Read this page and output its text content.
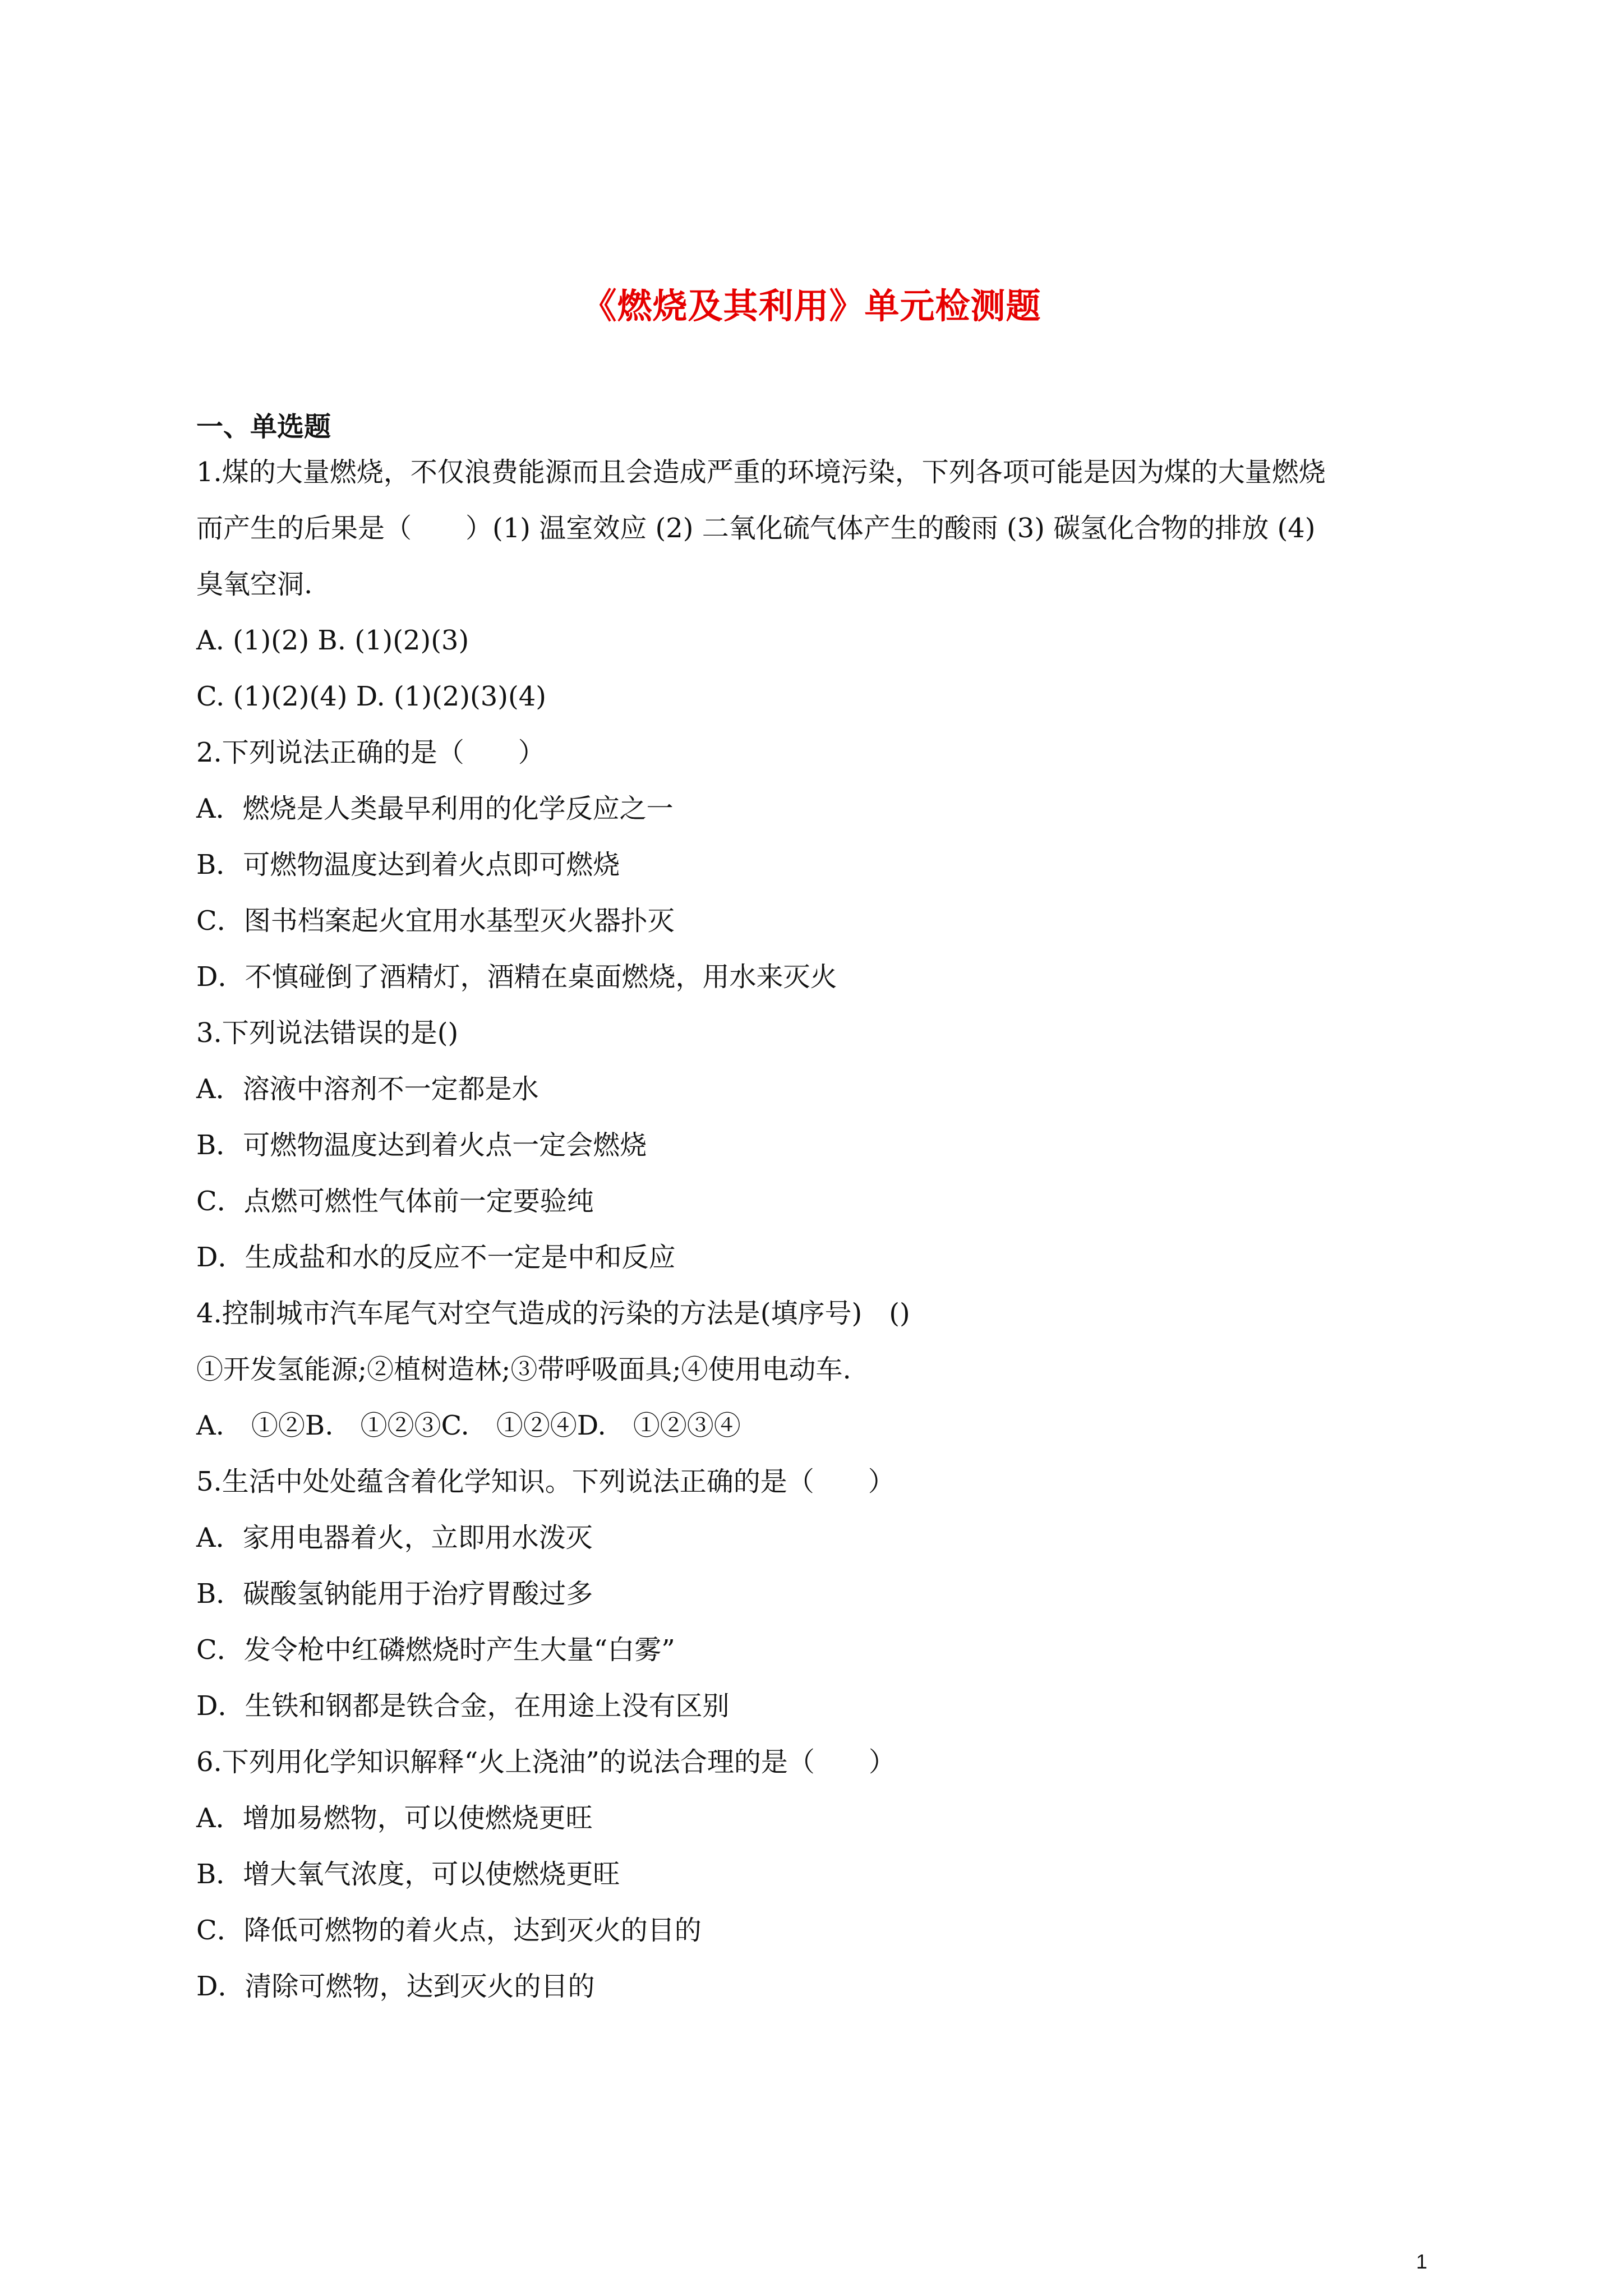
《燃烧及其利用》单元检测题
一、单选题
1.煤的大量燃烧，不仅浪费能源而且会造成严重的环境污染，下列各项可能是因为煤的大量燃烧
而产生的后果是（　　）(1) 温室效应 (2) 二氧化硫气体产生的酸雨 (3) 碳氢化合物的排放 (4)
臭氧空洞.
A. (1)(2) B. (1)(2)(3)
C. (1)(2)(4) D. (1)(2)(3)(4)
2.下列说法正确的是（　　）
A．燃烧是人类最早利用的化学反应之一
B．可燃物温度达到着火点即可燃烧
C．图书档案起火宜用水基型灭火器扑灭
D．不慎碰倒了酒精灯，酒精在桌面燃烧，用水来灭火
3.下列说法错误的是()
A．溶液中溶剂不一定都是水
B．可燃物温度达到着火点一定会燃烧
C．点燃可燃性气体前一定要验纯
D．生成盐和水的反应不一定是中和反应
4.控制城市汽车尾气对空气造成的污染的方法是(填序号)　()
①开发氢能源;②植树造林;③带呼吸面具;④使用电动车.
A.　①②B.　①②③C.　①②④D.　①②③④
5.生活中处处蕴含着化学知识。下列说法正确的是（　　）
A．家用电器着火，立即用水泼灭
B．碳酸氢钠能用于治疗胃酸过多
C．发令枪中红磷燃烧时产生大量“白雾”
D．生铁和钢都是铁合金，在用途上没有区别
6.下列用化学知识解释“火上浇油”的说法合理的是（　　）
A．增加易燃物，可以使燃烧更旺
B．增大氧气浓度，可以使燃烧更旺
C．降低可燃物的着火点，达到灭火的目的
D．清除可燃物，达到灭火的目的
1
